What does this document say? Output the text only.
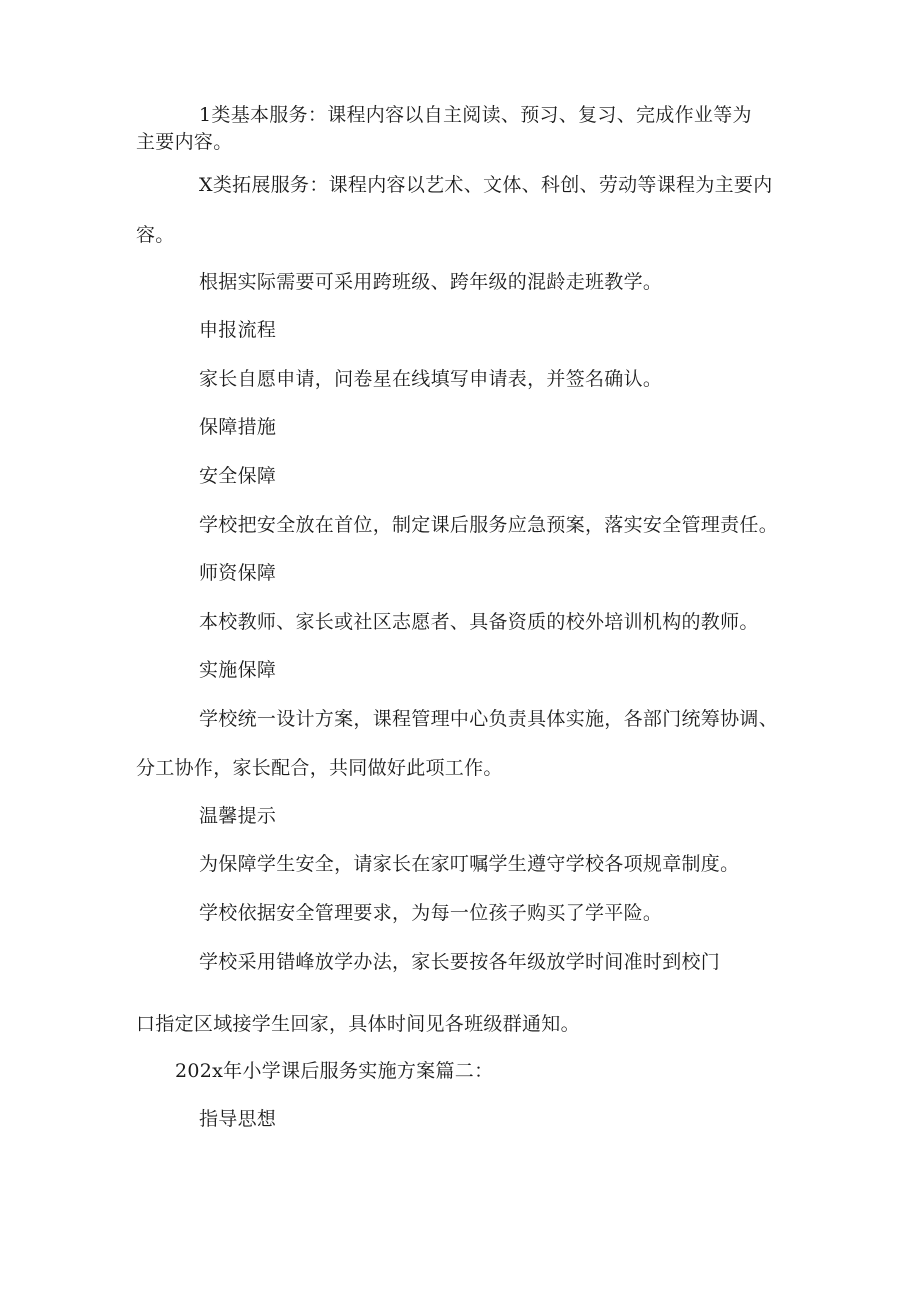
1类基本服务：课程内容以自主阅读、预习、复习、完成作业等为
主要内容。
X类拓展服务：课程内容以艺术、文体、科创、劳动等课程为主要内
容。
根据实际需要可采用跨班级、跨年级的混龄走班教学。
申报流程
家长自愿申请，问卷星在线填写申请表，并签名确认。
保障措施
安全保障
学校把安全放在首位，制定课后服务应急预案，落实安全管理责任。
师资保障
本校教师、家长或社区志愿者、具备资质的校外培训机构的教师。
实施保障
学校统一设计方案，课程管理中心负责具体实施，各部门统筹协调、
分工协作，家长配合，共同做好此项工作。
温馨提示
为保障学生安全，请家长在家叮嘱学生遵守学校各项规章制度。
学校依据安全管理要求，为每一位孩子购买了学平险。
学校采用错峰放学办法，家长要按各年级放学时间准时到校门
口指定区域接学生回家，具体时间见各班级群通知。
202x年小学课后服务实施方案篇二：
指导思想
